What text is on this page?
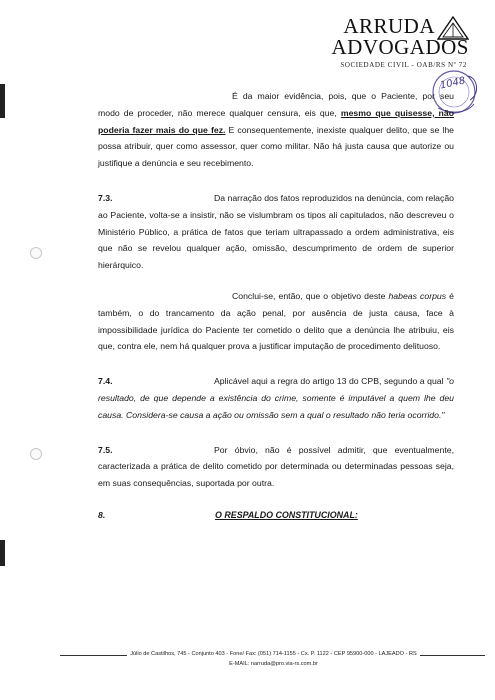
ARRUDA
ADVOGADOS
SOCIEDADE CIVIL - OAB/RS Nº 72
1048

É da maior evidência, pois, que o Paciente, por seu modo de proceder, não merece qualquer censura, eis que, mesmo que quisesse, não poderia fazer mais do que fez. E consequentemente, inexiste qualquer delito, que se lhe possa atribuir, quer como assessor, quer como militar. Não há justa causa que autorize ou justifique a denúncia e seu recebimento.

7.3.	Da narração dos fatos reproduzidos na denúncia, com relação ao Paciente, volta-se a insistir, não se vislumbram os tipos ali capitulados, não descreveu o Ministério Público, a prática de fatos que teriam ultrapassado a ordem administrativa, eis que não se revelou qualquer ação, omissão, descumprimento de ordem de superior hierárquico.

Conclui-se, então, que o objetivo deste habeas corpus é também, o do trancamento da ação penal, por ausência de justa causa, face à impossibilidade jurídica do Paciente ter cometido o delito que a denúncia lhe atribuiu, eis que, contra ele, nem há qualquer prova a justificar imputação de procedimento delituoso.

7.4.	Aplicável aqui a regra do artigo 13 do CPB, segundo a qual "o resultado, de que depende a existência do crime, somente é imputável a quem lhe deu causa. Considera-se causa a ação ou omissão sem a qual o resultado não teria ocorrido."

7.5.	Por óbvio, não é possível admitir, que eventualmente, caracterizada a prática de delito cometido por determinada ou determinadas pessoas seja, em suas consequências, suportada por outra.

8.	O RESPALDO CONSTITUCIONAL:
Júlio de Castilhos, 745 - Conjunto 403 - Fone/ Fax: (051) 714-1155 - Cx. P. 1122 - CEP 95900-000 - LAJEADO - RS
E-MAIL: narruda@pro.via-rs.com.br
